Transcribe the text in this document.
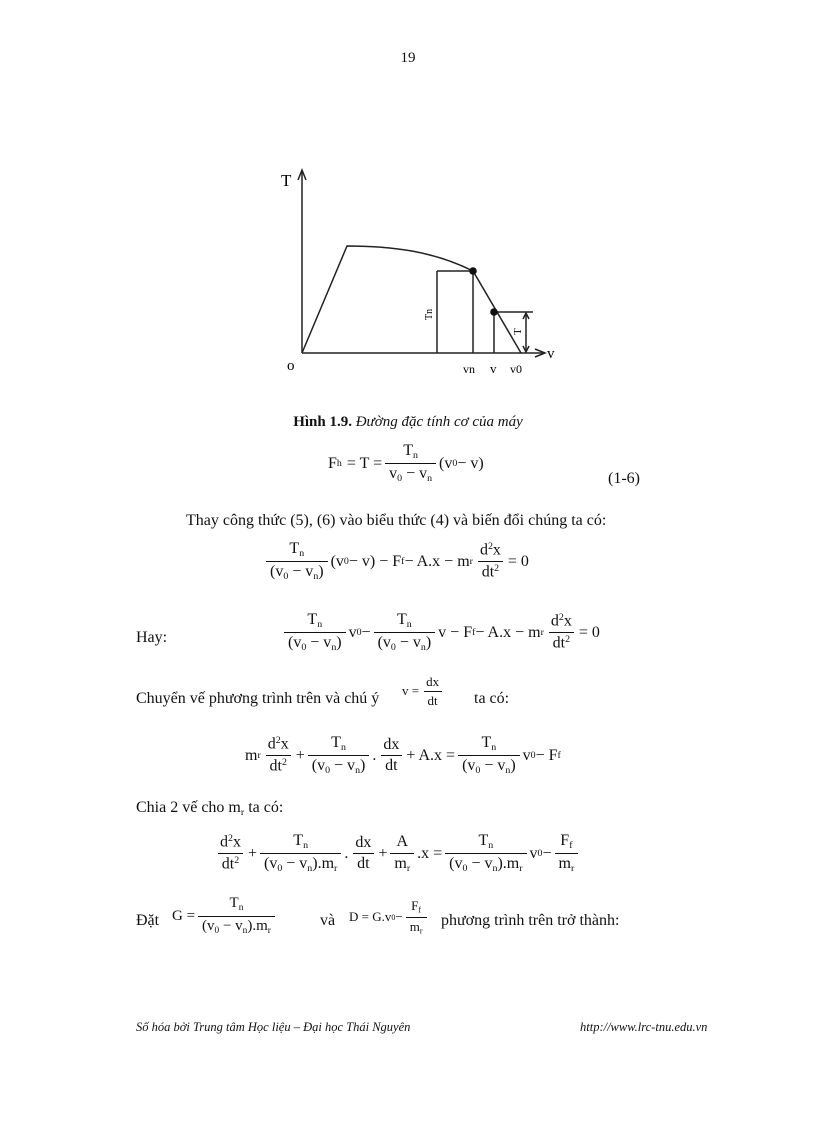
19
T
v
o	vn v v0
Tn
T
Hình 1.9. Đường đặc tính cơ của máy
F $h = T = \frac{T_n}{v_0 - v_n} (v$ 0 − v)
(1-6)
Thay công thức (5), (6) vào biểu thức (4) và biến đổi chúng ta có:
$\frac{T_n}{(v_0 - v_n)} (v$ 0 − v) − F f − A.x − m r $\frac{d^2x}{dt^2} = 0$
Hay:	$\frac{T_n}{(v_0 - v_n)}$ v $0 - \frac{T_n}{(v_0 - v_n)}$ v − F f − A.x − m r $\frac{d^2x}{dt^2} = 0$
Chuyển vế phương trình trên và chú ý $v = \frac{dx}{dt}$ ta có:
m r $\frac{d^2x}{dt^2} + \frac{T_n}{(v_0 - v_n)}$ . $\frac{dx}{dt} + A.x = \frac{T_n}{(v_0 - v_n)}$ v 0 − F f
Chia 2 vế cho $m_r$ ta có:
$\frac{d^2x}{dt^2} + \frac{T_n}{(v_0 - v_n).m_r}$ . $\frac{dx}{dt} + \frac{A}{m_r} .x = \frac{T_n}{(v_0 - v_n).m_r}$ v $0 - \frac{F_f}{m_r}$
Đặt $G = \frac{T_n}{(v_0 - v_n).m_r}$	và D = G.v $0 - \frac{F_f}{m_r}$ phương trình trên trở thành:
Số hóa bởi Trung tâm Học liệu – Đại học Thái Nguyên	http://www.lrc-tnu.edu.vn
